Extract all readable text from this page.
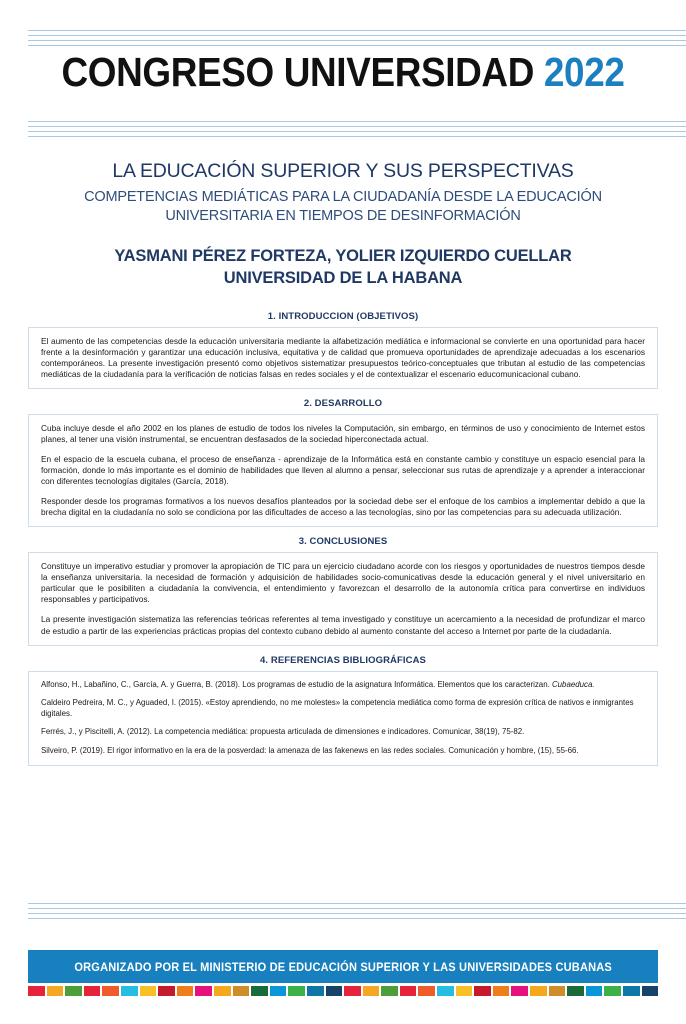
CONGRESO UNIVERSIDAD 2022
LA EDUCACIÓN SUPERIOR Y SUS PERSPECTIVAS
COMPETENCIAS MEDIÁTICAS PARA LA CIUDADANÍA DESDE LA EDUCACIÓN
UNIVERSITARIA EN TIEMPOS DE DESINFORMACIÓN
YASMANI PÉREZ FORTEZA, YOLIER IZQUIERDO CUELLAR
UNIVERSIDAD DE LA HABANA
1. INTRODUCCION (OBJETIVOS)

El aumento de las competencias desde la educación universitaria mediante la alfabetización mediática e informacional se convierte en una oportunidad para hacer frente a la desinformación y garantizar una educación inclusiva, equitativa y de calidad que promueva oportunidades de aprendizaje adecuadas a los escenarios contemporáneos. La presente investigación presentó como objetivos sistematizar presupuestos teórico-conceptuales que tributan al estudio de las competencias mediáticas de la ciudadanía para la verificación de noticias falsas en redes sociales y el de contextualizar el escenario educomunicacional cubano.

2. DESARROLLO

Cuba incluye desde el año 2002 en los planes de estudio de todos los niveles la Computación, sin embargo, en términos de uso y conocimiento de Internet estos planes, al tener una visión instrumental, se encuentran desfasados de la sociedad hiperconectada actual.

En el espacio de la escuela cubana, el proceso de enseñanza - aprendizaje de la Informática está en constante cambio y constituye un espacio esencial para la formación, donde lo más importante es el dominio de habilidades que lleven al alumno a pensar, seleccionar sus rutas de aprendizaje y a aprender a interaccionar con diferentes tecnologías digitales (García, 2018).

Responder desde los programas formativos a los nuevos desafíos planteados por la sociedad debe ser el enfoque de los cambios a implementar debido a que la brecha digital en la ciudadanía no solo se condiciona por las dificultades de acceso a las tecnologías, sino por las competencias para su adecuada utilización.

3. CONCLUSIONES

Constituye un imperativo estudiar y promover la apropiación de TIC para un ejercicio ciudadano acorde con los riesgos y oportunidades de nuestros tiempos desde la enseñanza universitaria. la necesidad de formación y adquisición de habilidades socio-comunicativas desde la educación general y el nivel universitario en particular que le posibiliten a ciudadanía la convivencia, el entendimiento y favorezcan el desarrollo de la autonomía crítica para convertirse en individuos responsables y participativos.

La presente investigación sistematiza las referencias teóricas referentes al tema investigado y constituye un acercamiento a la necesidad de profundizar el marco de estudio a partir de las experiencias prácticas propias del contexto cubano debido al aumento constante del acceso a Internet por parte de la ciudadanía.

4. REFERENCIAS BIBLIOGRÁFICAS

Alfonso, H., Labañino, C., García, A. y Guerra, B. (2018). Los programas de estudio de la asignatura Informática. Elementos que los caracterizan. Cubaeduca.

Caldeiro Pedreira, M. C., y Aguaded, I. (2015). «Estoy aprendiendo, no me molestes» la competencia mediática como forma de expresión crítica de nativos e inmigrantes digitales.

Ferrés, J., y Piscitelli, A. (2012). La competencia mediática: propuesta articulada de dimensiones e indicadores. Comunicar, 38(19), 75-82.

Silveiro, P. (2019). El rigor informativo en la era de la posverdad: la amenaza de las fakenews en las redes sociales. Comunicación y hombre, (15), 55-66.

ORGANIZADO POR EL MINISTERIO DE EDUCACIÓN SUPERIOR Y LAS UNIVERSIDADES CUBANAS
